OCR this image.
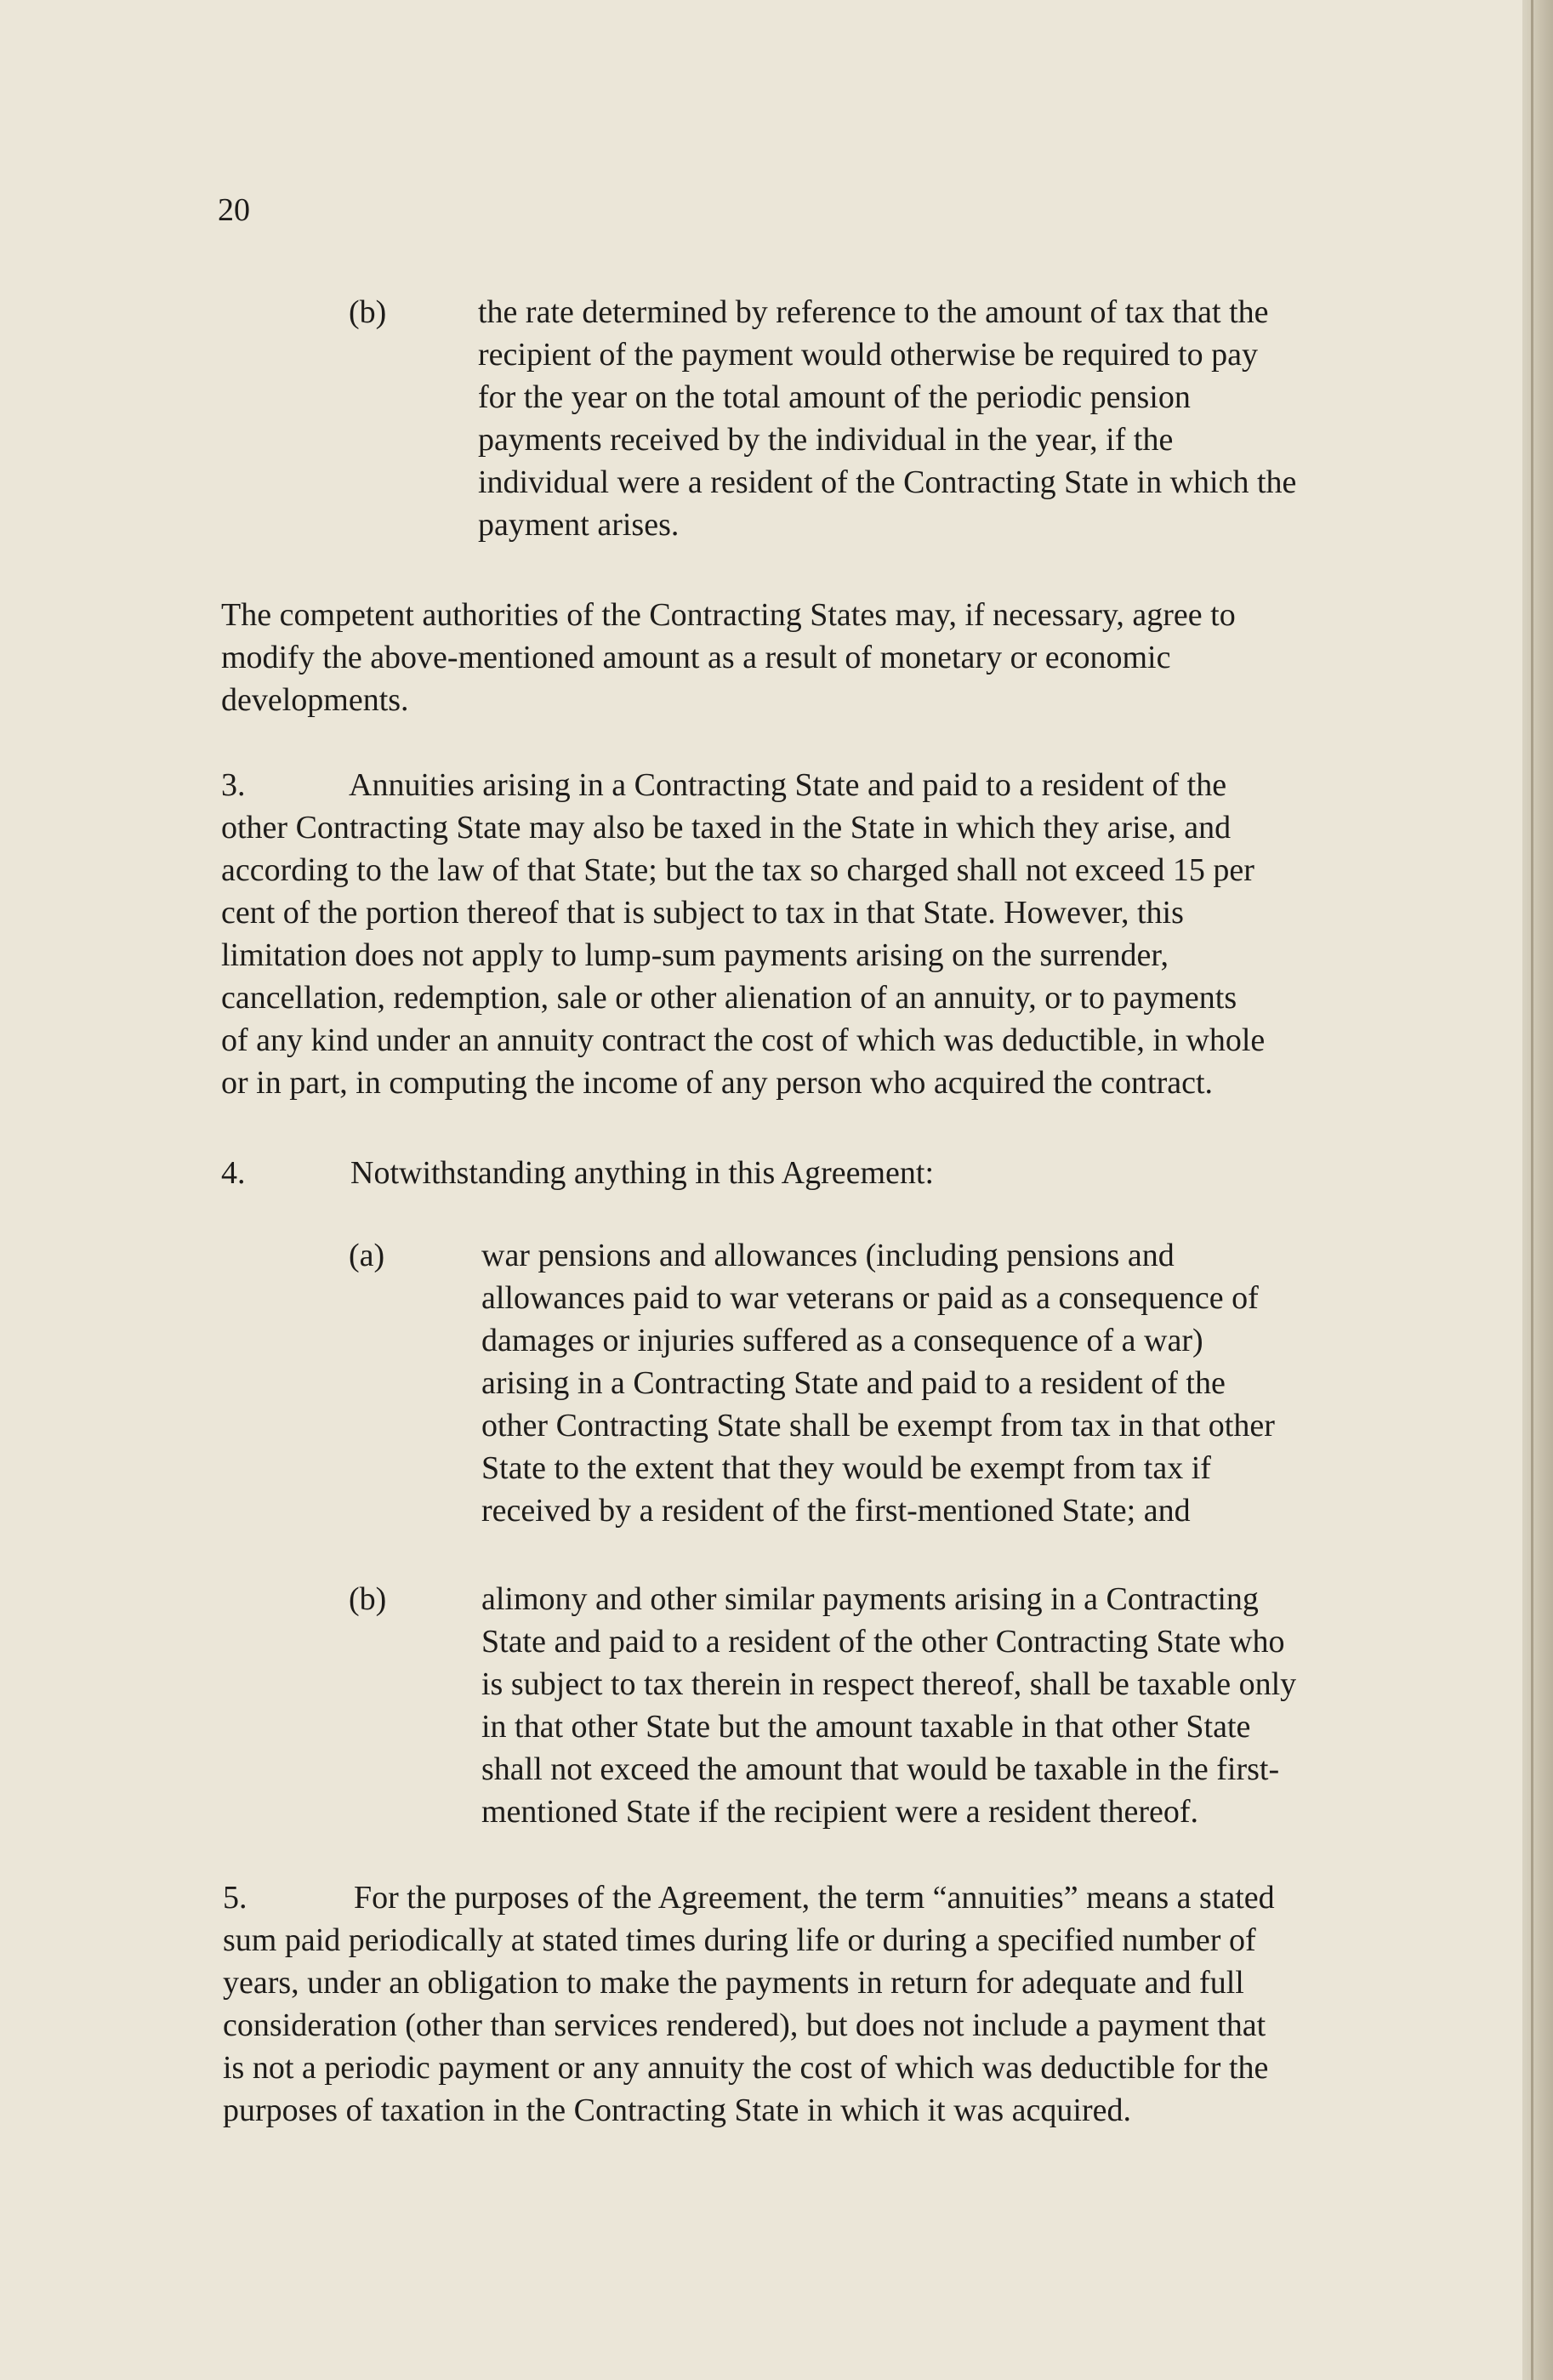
20
(b)	the rate determined by reference to the amount of tax that the
recipient of the payment would otherwise be required to pay
for the year on the total amount of the periodic pension
payments received by the individual in the year, if the
individual were a resident of the Contracting State in which the
payment arises.
The competent authorities of the Contracting States may, if necessary, agree to
modify the above-mentioned amount as a result of monetary or economic
developments.
3.	Annuities arising in a Contracting State and paid to a resident of the
other Contracting State may also be taxed in the State in which they arise, and
according to the law of that State; but the tax so charged shall not exceed 15 per
cent of the portion thereof that is subject to tax in that State. However, this
limitation does not apply to lump-sum payments arising on the surrender,
cancellation, redemption, sale or other alienation of an annuity, or to payments
of any kind under an annuity contract the cost of which was deductible, in whole
or in part, in computing the income of any person who acquired the contract.
4.	Notwithstanding anything in this Agreement:
(a)	war pensions and allowances (including pensions and
allowances paid to war veterans or paid as a consequence of
damages or injuries suffered as a consequence of a war)
arising in a Contracting State and paid to a resident of the
other Contracting State shall be exempt from tax in that other
State to the extent that they would be exempt from tax if
received by a resident of the first-mentioned State; and
(b)	alimony and other similar payments arising in a Contracting
State and paid to a resident of the other Contracting State who
is subject to tax therein in respect thereof, shall be taxable only
in that other State but the amount taxable in that other State
shall not exceed the amount that would be taxable in the first-
mentioned State if the recipient were a resident thereof.
5.	For the purposes of the Agreement, the term “annuities” means a stated
sum paid periodically at stated times during life or during a specified number of
years, under an obligation to make the payments in return for adequate and full
consideration (other than services rendered), but does not include a payment that
is not a periodic payment or any annuity the cost of which was deductible for the
purposes of taxation in the Contracting State in which it was acquired.
